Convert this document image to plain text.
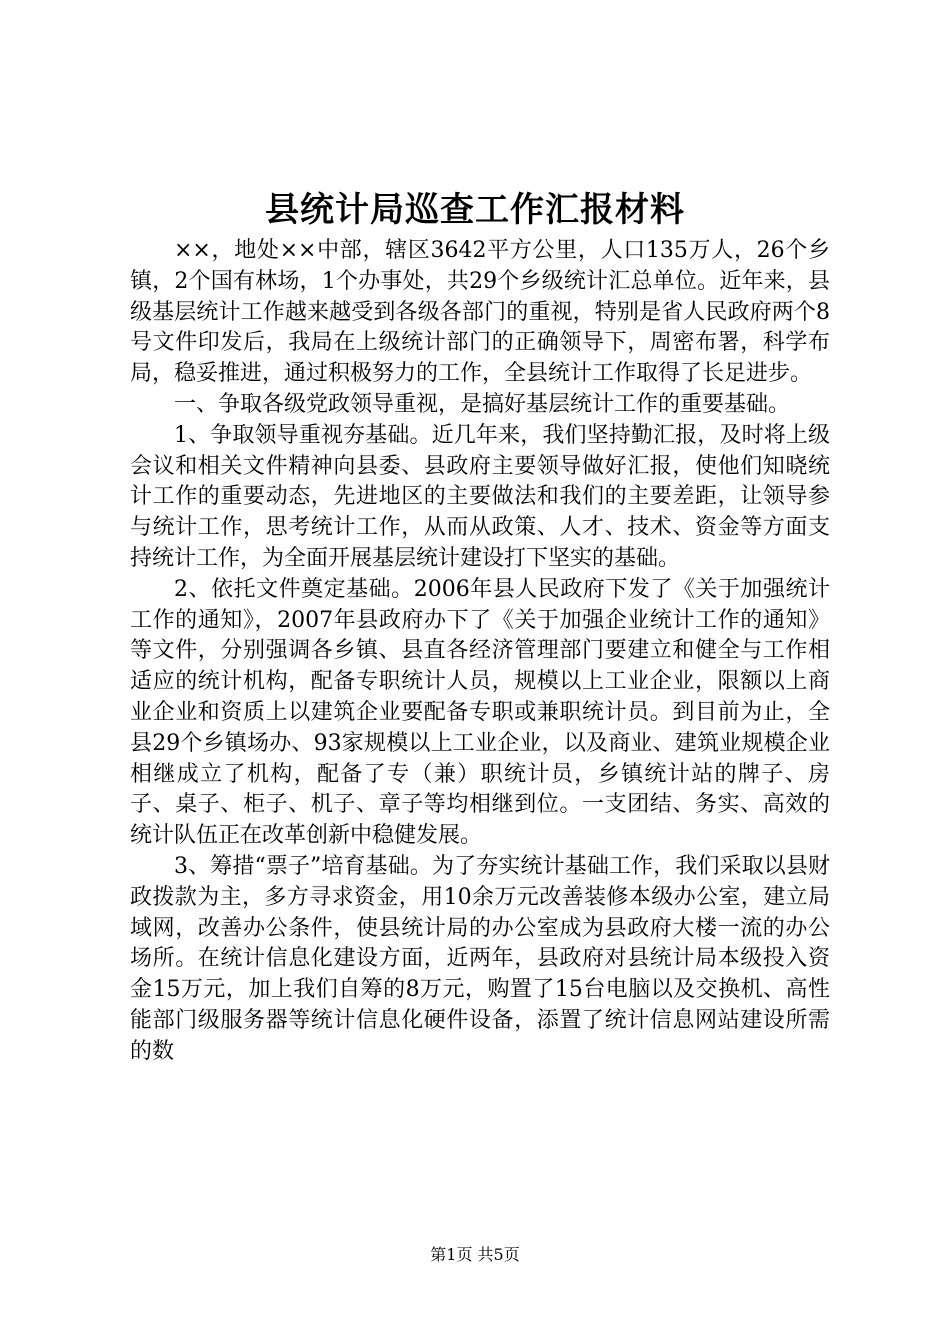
县统计局巡查工作汇报材料

××，地处××中部，辖区3642平方公里，人口135万人，26个乡镇，2个国有林场，1个办事处，共29个乡级统计汇总单位。近年来，县级基层统计工作越来越受到各级各部门的重视，特别是省人民政府两个8号文件印发后，我局在上级统计部门的正确领导下，周密布署，科学布局，稳妥推进，通过积极努力的工作，全县统计工作取得了长足进步。

一、争取各级党政领导重视，是搞好基层统计工作的重要基础。

1、争取领导重视夯基础。近几年来，我们坚持勤汇报，及时将上级会议和相关文件精神向县委、县政府主要领导做好汇报，使他们知晓统计工作的重要动态，先进地区的主要做法和我们的主要差距，让领导参与统计工作，思考统计工作，从而从政策、人才、技术、资金等方面支持统计工作，为全面开展基层统计建设打下坚实的基础。

2、依托文件奠定基础。2006年县人民政府下发了《关于加强统计工作的通知》，2007年县政府办下了《关于加强企业统计工作的通知》等文件，分别强调各乡镇、县直各经济管理部门要建立和健全与工作相适应的统计机构，配备专职统计人员，规模以上工业企业，限额以上商业企业和资质上以建筑企业要配备专职或兼职统计员。到目前为止，全县29个乡镇场办、93家规模以上工业企业，以及商业、建筑业规模企业相继成立了机构，配备了专（兼）职统计员，乡镇统计站的牌子、房子、桌子、柜子、机子、章子等均相继到位。一支团结、务实、高效的统计队伍正在改革创新中稳健发展。

3、筹措“票子”培育基础。为了夯实统计基础工作，我们采取以县财政拨款为主，多方寻求资金，用10余万元改善装修本级办公室，建立局域网，改善办公条件，使县统计局的办公室成为县政府大楼一流的办公场所。在统计信息化建设方面，近两年，县政府对县统计局本级投入资金15万元，加上我们自筹的8万元，购置了15台电脑以及交换机、高性能部门级服务器等统计信息化硬件设备，添置了统计信息网站建设所需的数

第1页 共5页
